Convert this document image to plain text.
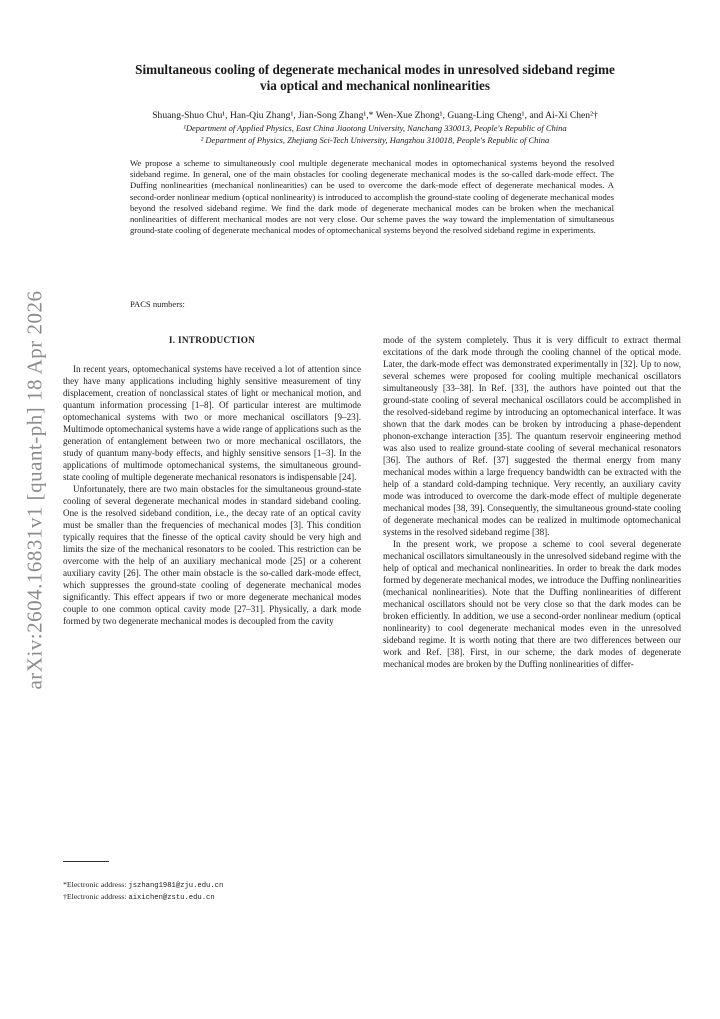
arXiv:2604.16831v1 [quant-ph] 18 Apr 2026
Simultaneous cooling of degenerate mechanical modes in unresolved sideband regime
via optical and mechanical nonlinearities
Shuang-Shuo Chu¹, Han-Qiu Zhang¹, Jian-Song Zhang¹,* Wen-Xue Zhong¹, Guang-Ling Cheng¹, and Ai-Xi Chen²†
¹Department of Applied Physics, East China Jiaotong University, Nanchang 330013, People's Republic of China
² Department of Physics, Zhejiang Sci-Tech University, Hangzhou 310018, People's Republic of China
We propose a scheme to simultaneously cool multiple degenerate mechanical modes in optomechanical systems beyond the resolved sideband regime. In general, one of the main obstacles for cooling degenerate mechanical modes is the so-called dark-mode effect. The Duffing nonlinearities (mechanical nonlinearities) can be used to overcome the dark-mode effect of degenerate mechanical modes. A second-order nonlinear medium (optical nonlinearity) is introduced to accomplish the ground-state cooling of degenerate mechanical modes beyond the resolved sideband regime. We find the dark mode of degenerate mechanical modes can be broken when the mechanical nonlinearities of different mechanical modes are not very close. Our scheme paves the way toward the implementation of simultaneous ground-state cooling of degenerate mechanical modes of optomechanical systems beyond the resolved sideband regime in experiments.
PACS numbers:
I. INTRODUCTION

In recent years, optomechanical systems have received a lot of attention since they have many applications including highly sensitive measurement of tiny displacement, creation of nonclassical states of light or mechanical motion, and quantum information processing [1–8]. Of particular interest are multimode optomechanical systems with two or more mechanical oscillators [9–23]. Multimode optomechanical systems have a wide range of applications such as the generation of entanglement between two or more mechanical oscillators, the study of quantum many-body effects, and highly sensitive sensors [1–3]. In the applications of multimode optomechanical systems, the simultaneous ground-state cooling of multiple degenerate mechanical resonators is indispensable [24].

Unfortunately, there are two main obstacles for the simultaneous ground-state cooling of several degenerate mechanical modes in standard sideband cooling. One is the resolved sideband condition, i.e., the decay rate of an optical cavity must be smaller than the frequencies of mechanical modes [3]. This condition typically requires that the finesse of the optical cavity should be very high and limits the size of the mechanical resonators to be cooled. This restriction can be overcome with the help of an auxiliary mechanical mode [25] or a coherent auxiliary cavity [26]. The other main obstacle is the so-called dark-mode effect, which suppresses the ground-state cooling of degenerate mechanical modes significantly. This effect appears if two or more degenerate mechanical modes couple to one common optical cavity mode [27–31]. Physically, a dark mode formed by two degenerate mechanical modes is decoupled from the cavity

mode of the system completely. Thus it is very difficult to extract thermal excitations of the dark mode through the cooling channel of the optical mode. Later, the dark-mode effect was demonstrated experimentally in [32]. Up to now, several schemes were proposed for cooling multiple mechanical oscillators simultaneously [33–38]. In Ref. [33], the authors have pointed out that the ground-state cooling of several mechanical oscillators could be accomplished in the resolved-sideband regime by introducing an optomechanical interface. It was shown that the dark modes can be broken by introducing a phase-dependent phonon-exchange interaction [35]. The quantum reservoir engineering method was also used to realize ground-state cooling of several mechanical resonators [36]. The authors of Ref. [37] suggested the thermal energy from many mechanical modes within a large frequency bandwidth can be extracted with the help of a standard cold-damping technique. Very recently, an auxiliary cavity mode was introduced to overcome the dark-mode effect of multiple degenerate mechanical modes [38, 39]. Consequently, the simultaneous ground-state cooling of degenerate mechanical modes can be realized in multimode optomechanical systems in the resolved sideband regime [38].

In the present work, we propose a scheme to cool several degenerate mechanical oscillators simultaneously in the unresolved sideband regime with the help of optical and mechanical nonlinearities. In order to break the dark modes formed by degenerate mechanical modes, we introduce the Duffing nonlinearities (mechanical nonlinearities). Note that the Duffing nonlinearities of different mechanical oscillators should not be very close so that the dark modes can be broken efficiently. In addition, we use a second-order nonlinear medium (optical nonlinearity) to cool degenerate mechanical modes even in the unresolved sideband regime. It is worth noting that there are two differences between our work and Ref. [38]. First, in our scheme, the dark modes of degenerate mechanical modes are broken by the Duffing nonlinearities of differ-

*Electronic address: jszhang1981@zju.edu.cn
†Electronic address: aixichen@zstu.edu.cn
